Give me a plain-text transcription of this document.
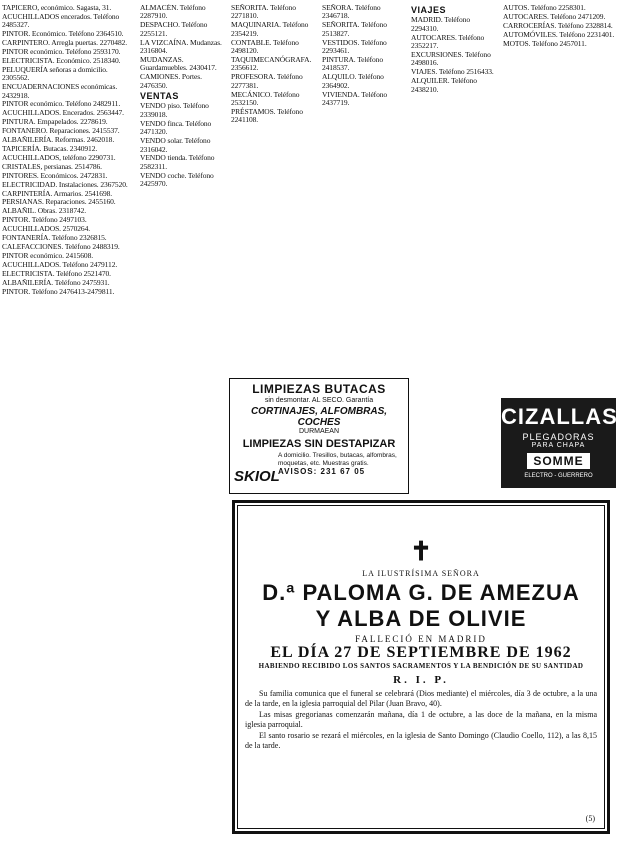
TAPICERO, económico. Sagasta, 31.

ACUCHILLADOS encerados. Teléfono 2485327.

PINTOR. Económico. Teléfono 2364510.

CARPINTERO. Arregla puertas. 2270482.

PINTOR económico. Teléfono 2593170.

ELECTRICISTA. Económico. 2518340.

PELUQUERÍA señoras a domicilio. 2305562.

ENCUADERNACIONES económicas. 2432918.

PINTOR económico. Teléfono 2482911.

ACUCHILLADOS. Encerados. 2563447.

PINTURA. Empapelados. 2278619.

FONTANERO. Reparaciones. 2415537.

ALBAÑILERÍA. Reformas. 2462018.

TAPICERÍA. Butacas. 2340912.

ACUCHILLADOS, teléfono 2290731.

CRISTALES, persianas. 2514786.

PINTORES. Económicos. 2472831.

ELECTRICIDAD. Instalaciones. 2367520.

CARPINTERÍA. Armarios. 2541698.

PERSIANAS. Reparaciones. 2455160.

ALBAÑIL. Obras. 2318742.

PINTOR. Teléfono 2497103.

ACUCHILLADOS. 2570264.

FONTANERÍA. Teléfono 2326815.

CALEFACCIONES. Teléfono 2488319.

PINTOR económico. 2415608.

ACUCHILLADOS. Teléfono 2479112.

ELECTRICISTA. Teléfono 2521470.

ALBAÑILERÍA. Teléfono 2475931.

PINTOR. Teléfono 2476413-2479811.

ALMACÉN. Teléfono 2287910.

DESPACHO. Teléfono 2255121.

LA VIZCAÍNA. Mudanzas. 2316804.

MUDANZAS. Guardamuebles. 2430417.

CAMIONES. Portes. 2476350.

VENTAS

VENDO piso. Teléfono 2339018.

VENDO finca. Teléfono 2471320.

VENDO solar. Teléfono 2316042.

VENDO tienda. Teléfono 2582311.

VENDO coche. Teléfono 2425970.

SEÑORITA. Teléfono 2271810.

MAQUINARIA. Teléfono 2354219.

CONTABLE. Teléfono 2498120.

TAQUIMECANÓGRAFA. 2356612.

PROFESORA. Teléfono 2277381.

MECÁNICO. Teléfono 2532150.

PRÉSTAMOS. Teléfono 2241108.

SEÑORA. Teléfono 2346718.

SEÑORITA. Teléfono 2513827.

VESTIDOS. Teléfono 2293461.

PINTURA. Teléfono 2418537.

ALQUILO. Teléfono 2364902.

VIVIENDA. Teléfono 2437719.

VIAJES

MADRID. Teléfono 2294310.

AUTOCARES. Teléfono 2352217.

EXCURSIONES. Teléfono 2498016.

VIAJES. Teléfono 2516433.

ALQUILER. Teléfono 2438210.

AUTOS. Teléfono 2258301.

AUTOCARES. Teléfono 2471209.

CARROCERÍAS. Teléfono 2328814.

AUTOMÓVILES. Teléfono 2231401.

MOTOS. Teléfono 2457011.

LIMPIEZAS BUTACAS
sin desmontar. AL SECO. Garantía
CORTINAJES, ALFOMBRAS, COCHES
DURMAEAN
LIMPIEZAS SIN DESTAPIZAR
A domicilio. Tresillos, butacas, alfombras, moquetas, etc. Muestras gratis.
AVISOS: 231 67 05
SKIOL
CIZALLAS
PLEGADORAS
PARA CHAPA
SOMME
ELECTRO - GUERRERO
✝
LA ILUSTRÍSIMA SEÑORA
D.ª PALOMA G. DE AMEZUA
Y ALBA DE OLIVIE
FALLECIÓ EN MADRID
EL DÍA 27 DE SEPTIEMBRE DE 1962
HABIENDO RECIBIDO LOS SANTOS SACRAMENTOS Y LA BENDICIÓN DE SU SANTIDAD
R. I. P.

Su familia comunica que el funeral se celebrará (Dios mediante) el miércoles, día 3 de octubre, a la una de la tarde, en la iglesia parroquial del Pilar (Juan Bravo, 40).

Las misas gregorianas comenzarán mañana, día 1 de octubre, a las doce de la mañana, en la misma iglesia parroquial.

El santo rosario se rezará el miércoles, en la iglesia de Santo Domingo (Claudio Coello, 112), a las 8,15 de la tarde.

(5)
